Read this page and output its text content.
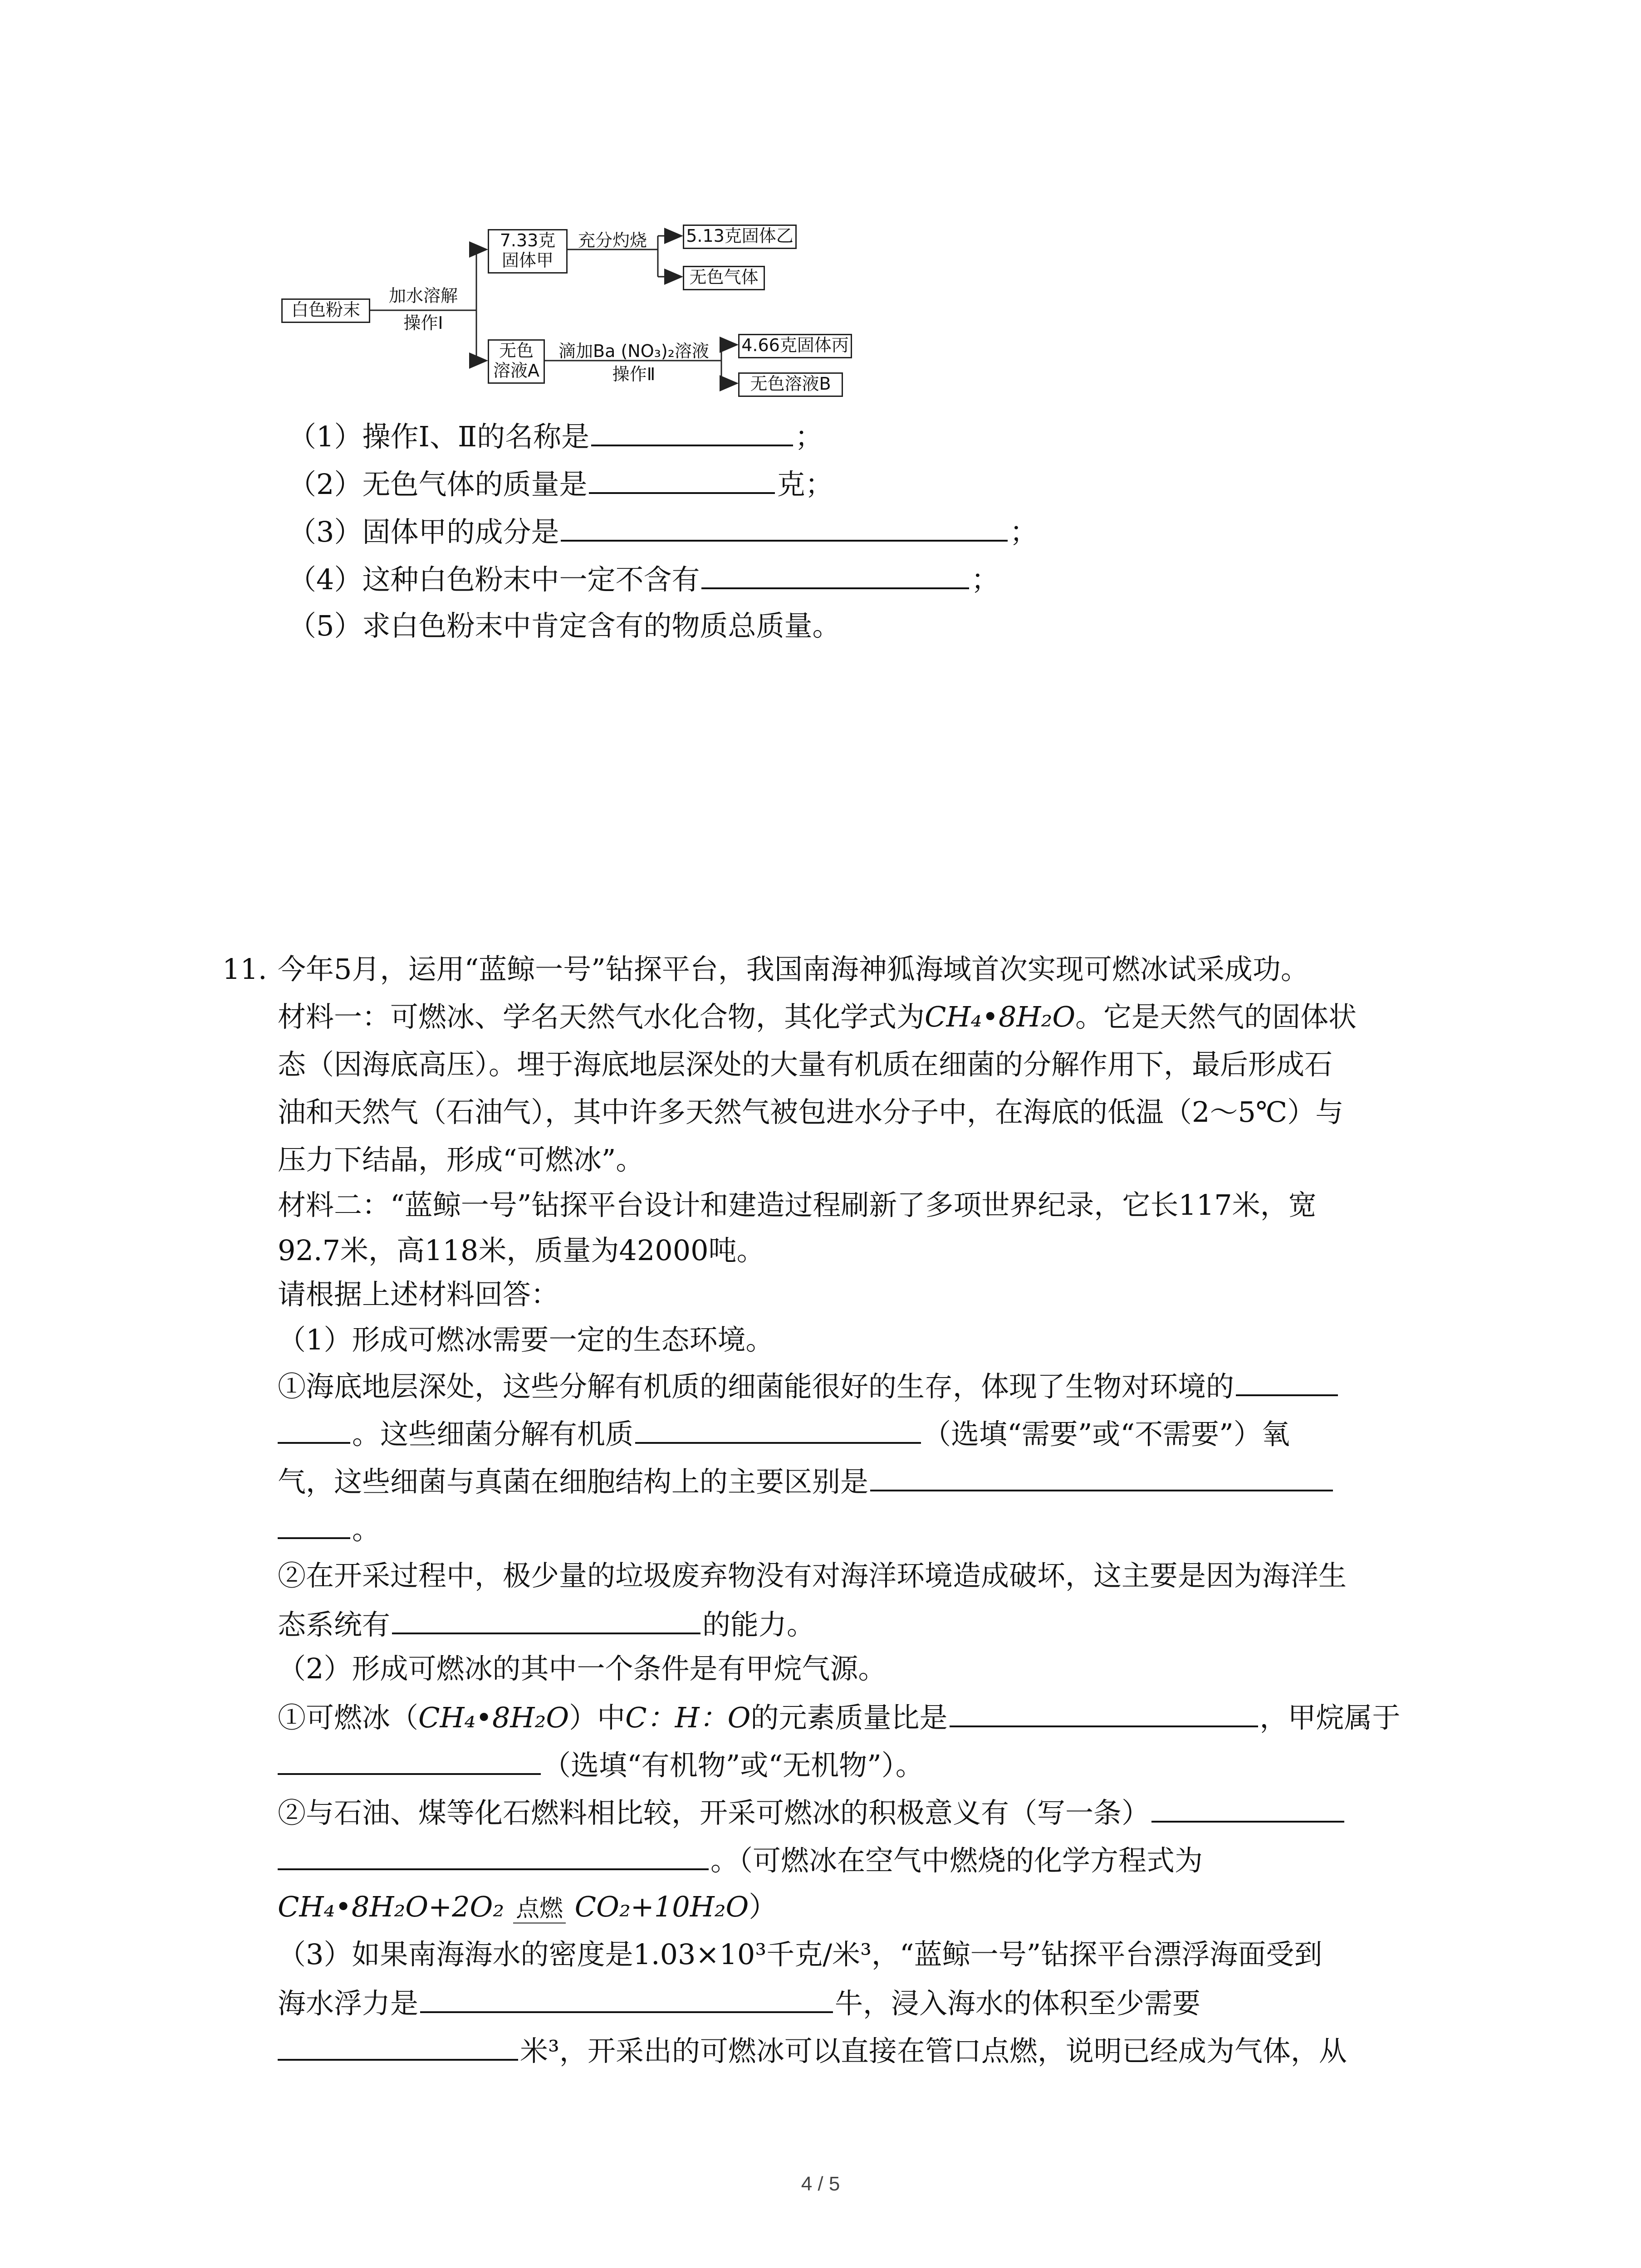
白色粉末
加水溶解
操作Ⅰ
7.33克
固体甲
充分灼烧	5.13克固体乙
无色气体
无色
溶液A
滴加Ba (NO₃)₂溶液
操作Ⅱ
4.66克固体丙
无色溶液B
（1）操作Ⅰ、Ⅱ的名称是	；
（2）无色气体的质量是	克；
（3）固体甲的成分是	；
（4）这种白色粉末中一定不含有	；
（5）求白色粉末中肯定含有的物质总质量。
11. 今年5月，运用“蓝鲸一号”钻探平台，我国南海神狐海域首次实现可燃冰试采成功。
材料一：可燃冰、学名天然气水化合物，其化学式为CH₄•8H₂O。它是天然气的固体状
态（因海底高压）。埋于海底地层深处的大量有机质在细菌的分解作用下，最后形成石
油和天然气（石油气），其中许多天然气被包进水分子中，在海底的低温（2～5℃）与
压力下结晶，形成“可燃冰”。
材料二：“蓝鲸一号”钻探平台设计和建造过程刷新了多项世界纪录，它长117米，宽
92.7米，高118米，质量为42000吨。
请根据上述材料回答：
（1）形成可燃冰需要一定的生态环境。
①海底地层深处，这些分解有机质的细菌能很好的生存，体现了生物对环境的
。这些细菌分解有机质	（选填“需要”或“不需要”）氧
气，这些细菌与真菌在细胞结构上的主要区别是
。
②在开采过程中，极少量的垃圾废弃物没有对海洋环境造成破坏，这主要是因为海洋生
态系统有	的能力。
（2）形成可燃冰的其中一个条件是有甲烷气源。
①可燃冰（CH₄•8H₂O）中C：H：O的元素质量比是	，甲烷属于
（选填“有机物”或“无机物”）。
②与石油、煤等化石燃料相比较，开采可燃冰的积极意义有（写一条）
。（可燃冰在空气中燃烧的化学方程式为
CH₄•8H₂O+2O₂ 点燃 CO₂+10H₂O）
（3）如果南海海水的密度是1.03×10³千克/米³，“蓝鲸一号”钻探平台漂浮海面受到
海水浮力是	牛，浸入海水的体积至少需要
米³，开采出的可燃冰可以直接在管口点燃，说明已经成为气体，从
4 / 5
